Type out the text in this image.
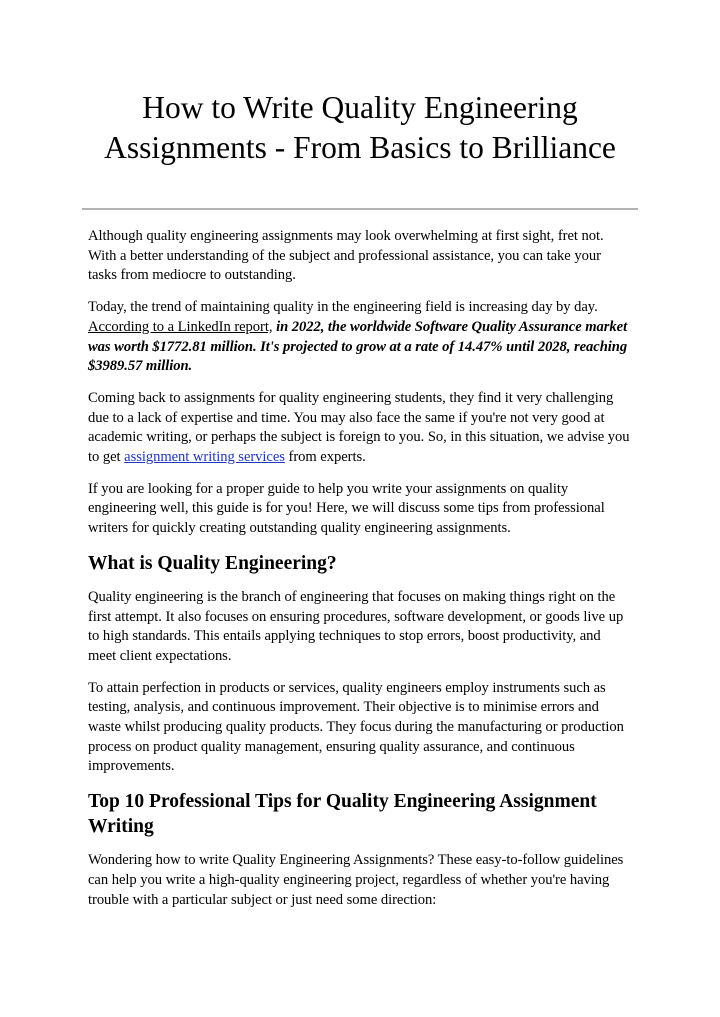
How to Write Quality Engineering
Assignments - From Basics to Brilliance

Although quality engineering assignments may look overwhelming at first sight, fret not. With a better understanding of the subject and professional assistance, you can take your tasks from mediocre to outstanding.

Today, the trend of maintaining quality in the engineering field is increasing day by day. According to a LinkedIn report, in 2022, the worldwide Software Quality Assurance market was worth $1772.81 million. It's projected to grow at a rate of 14.47% until 2028, reaching $3989.57 million.

Coming back to assignments for quality engineering students, they find it very challenging due to a lack of expertise and time. You may also face the same if you're not very good at academic writing, or perhaps the subject is foreign to you. So, in this situation, we advise you to get assignment writing services from experts.

If you are looking for a proper guide to help you write your assignments on quality engineering well, this guide is for you! Here, we will discuss some tips from professional writers for quickly creating outstanding quality engineering assignments.

What is Quality Engineering?

Quality engineering is the branch of engineering that focuses on making things right on the first attempt. It also focuses on ensuring procedures, software development, or goods live up to high standards. This entails applying techniques to stop errors, boost productivity, and meet client expectations.

To attain perfection in products or services, quality engineers employ instruments such as testing, analysis, and continuous improvement. Their objective is to minimise errors and waste whilst producing quality products. They focus during the manufacturing or production process on product quality management, ensuring quality assurance, and continuous improvements.

Top 10 Professional Tips for Quality Engineering Assignment Writing

Wondering how to write Quality Engineering Assignments? These easy-to-follow guidelines can help you write a high-quality engineering project, regardless of whether you're having trouble with a particular subject or just need some direction:
